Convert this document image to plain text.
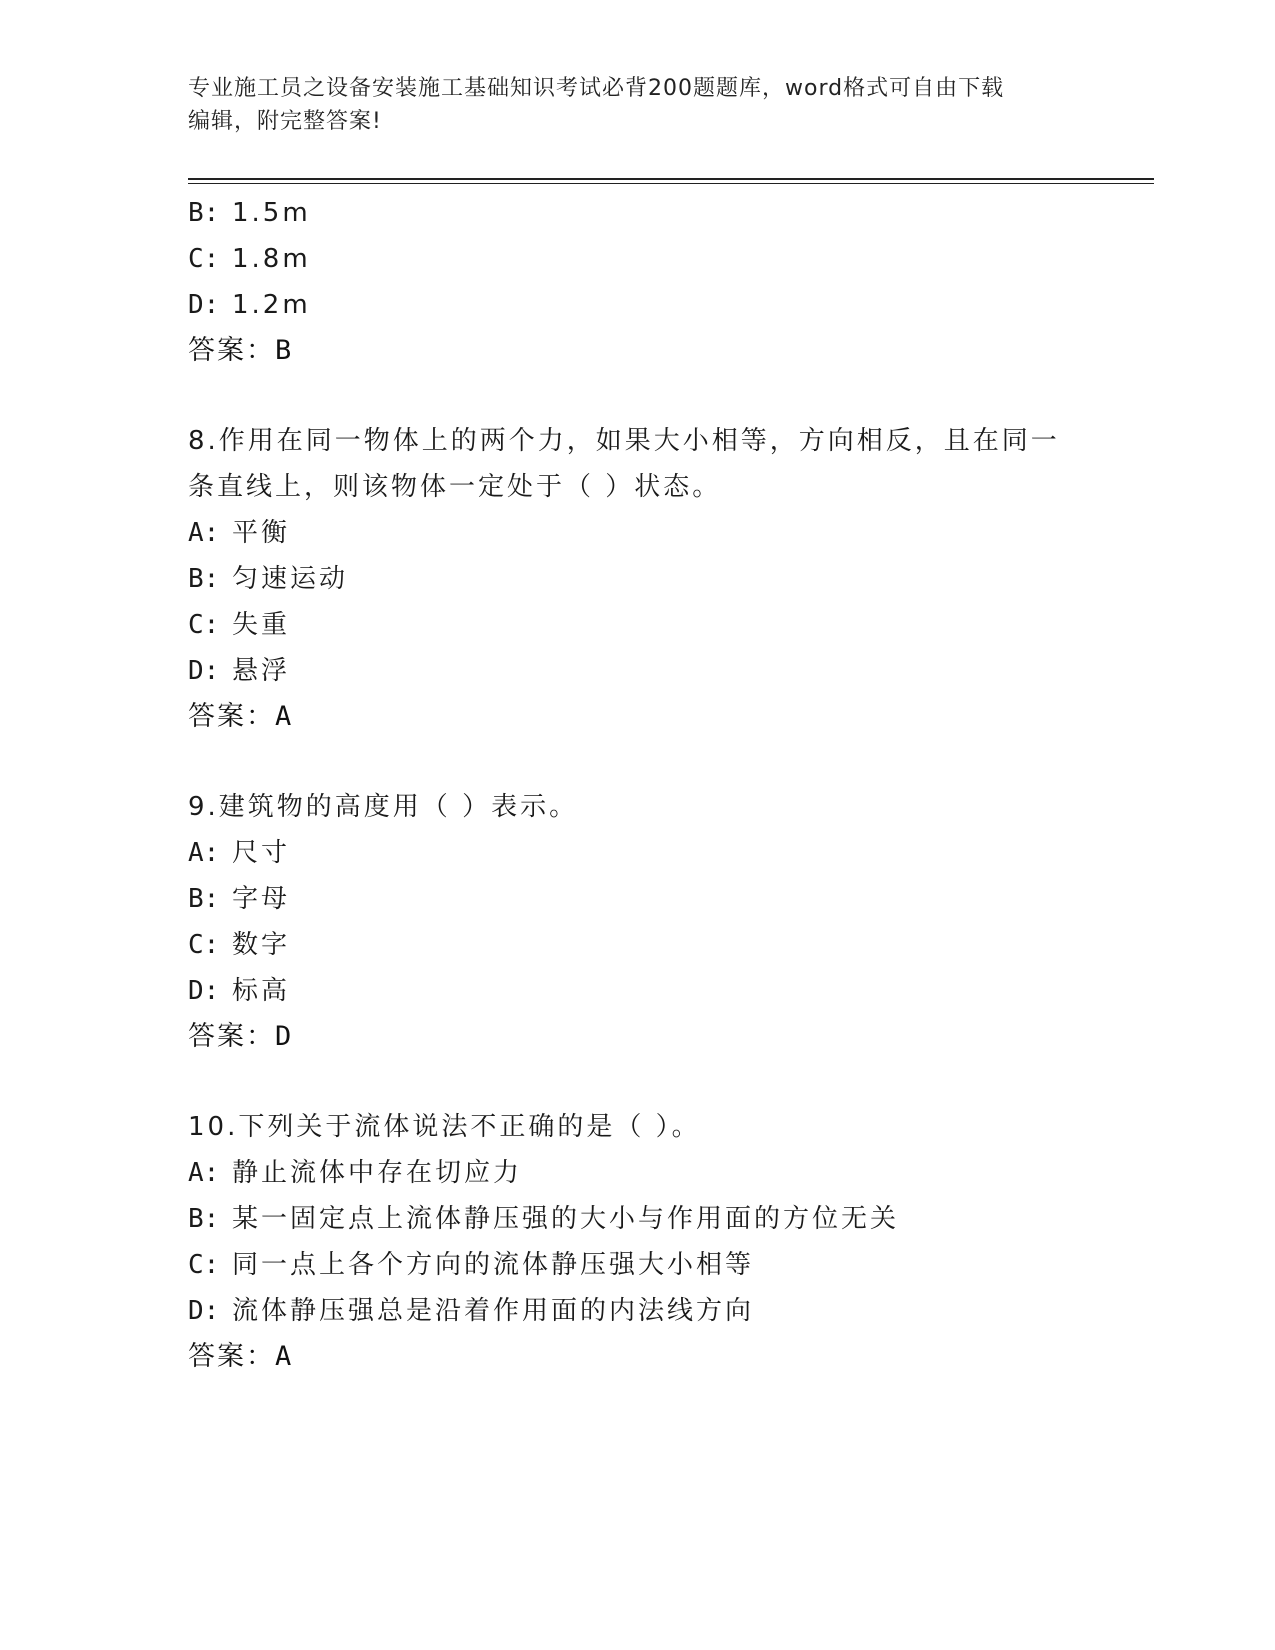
专业施工员之设备安装施工基础知识考试必背200题题库，word格式可自由下载
编辑，附完整答案!
B: 1.5m
C: 1.8m
D: 1.2m
答案：B
8.作用在同一物体上的两个力，如果大小相等，方向相反，且在同一
条直线上，则该物体一定处于（ ）状态。
A: 平衡
B: 匀速运动
C: 失重
D: 悬浮
答案：A
9.建筑物的高度用（ ）表示。
A: 尺寸
B: 字母
C: 数字
D: 标高
答案：D
10.下列关于流体说法不正确的是（ ）。
A: 静止流体中存在切应力
B: 某一固定点上流体静压强的大小与作用面的方位无关
C: 同一点上各个方向的流体静压强大小相等
D: 流体静压强总是沿着作用面的内法线方向
答案：A
